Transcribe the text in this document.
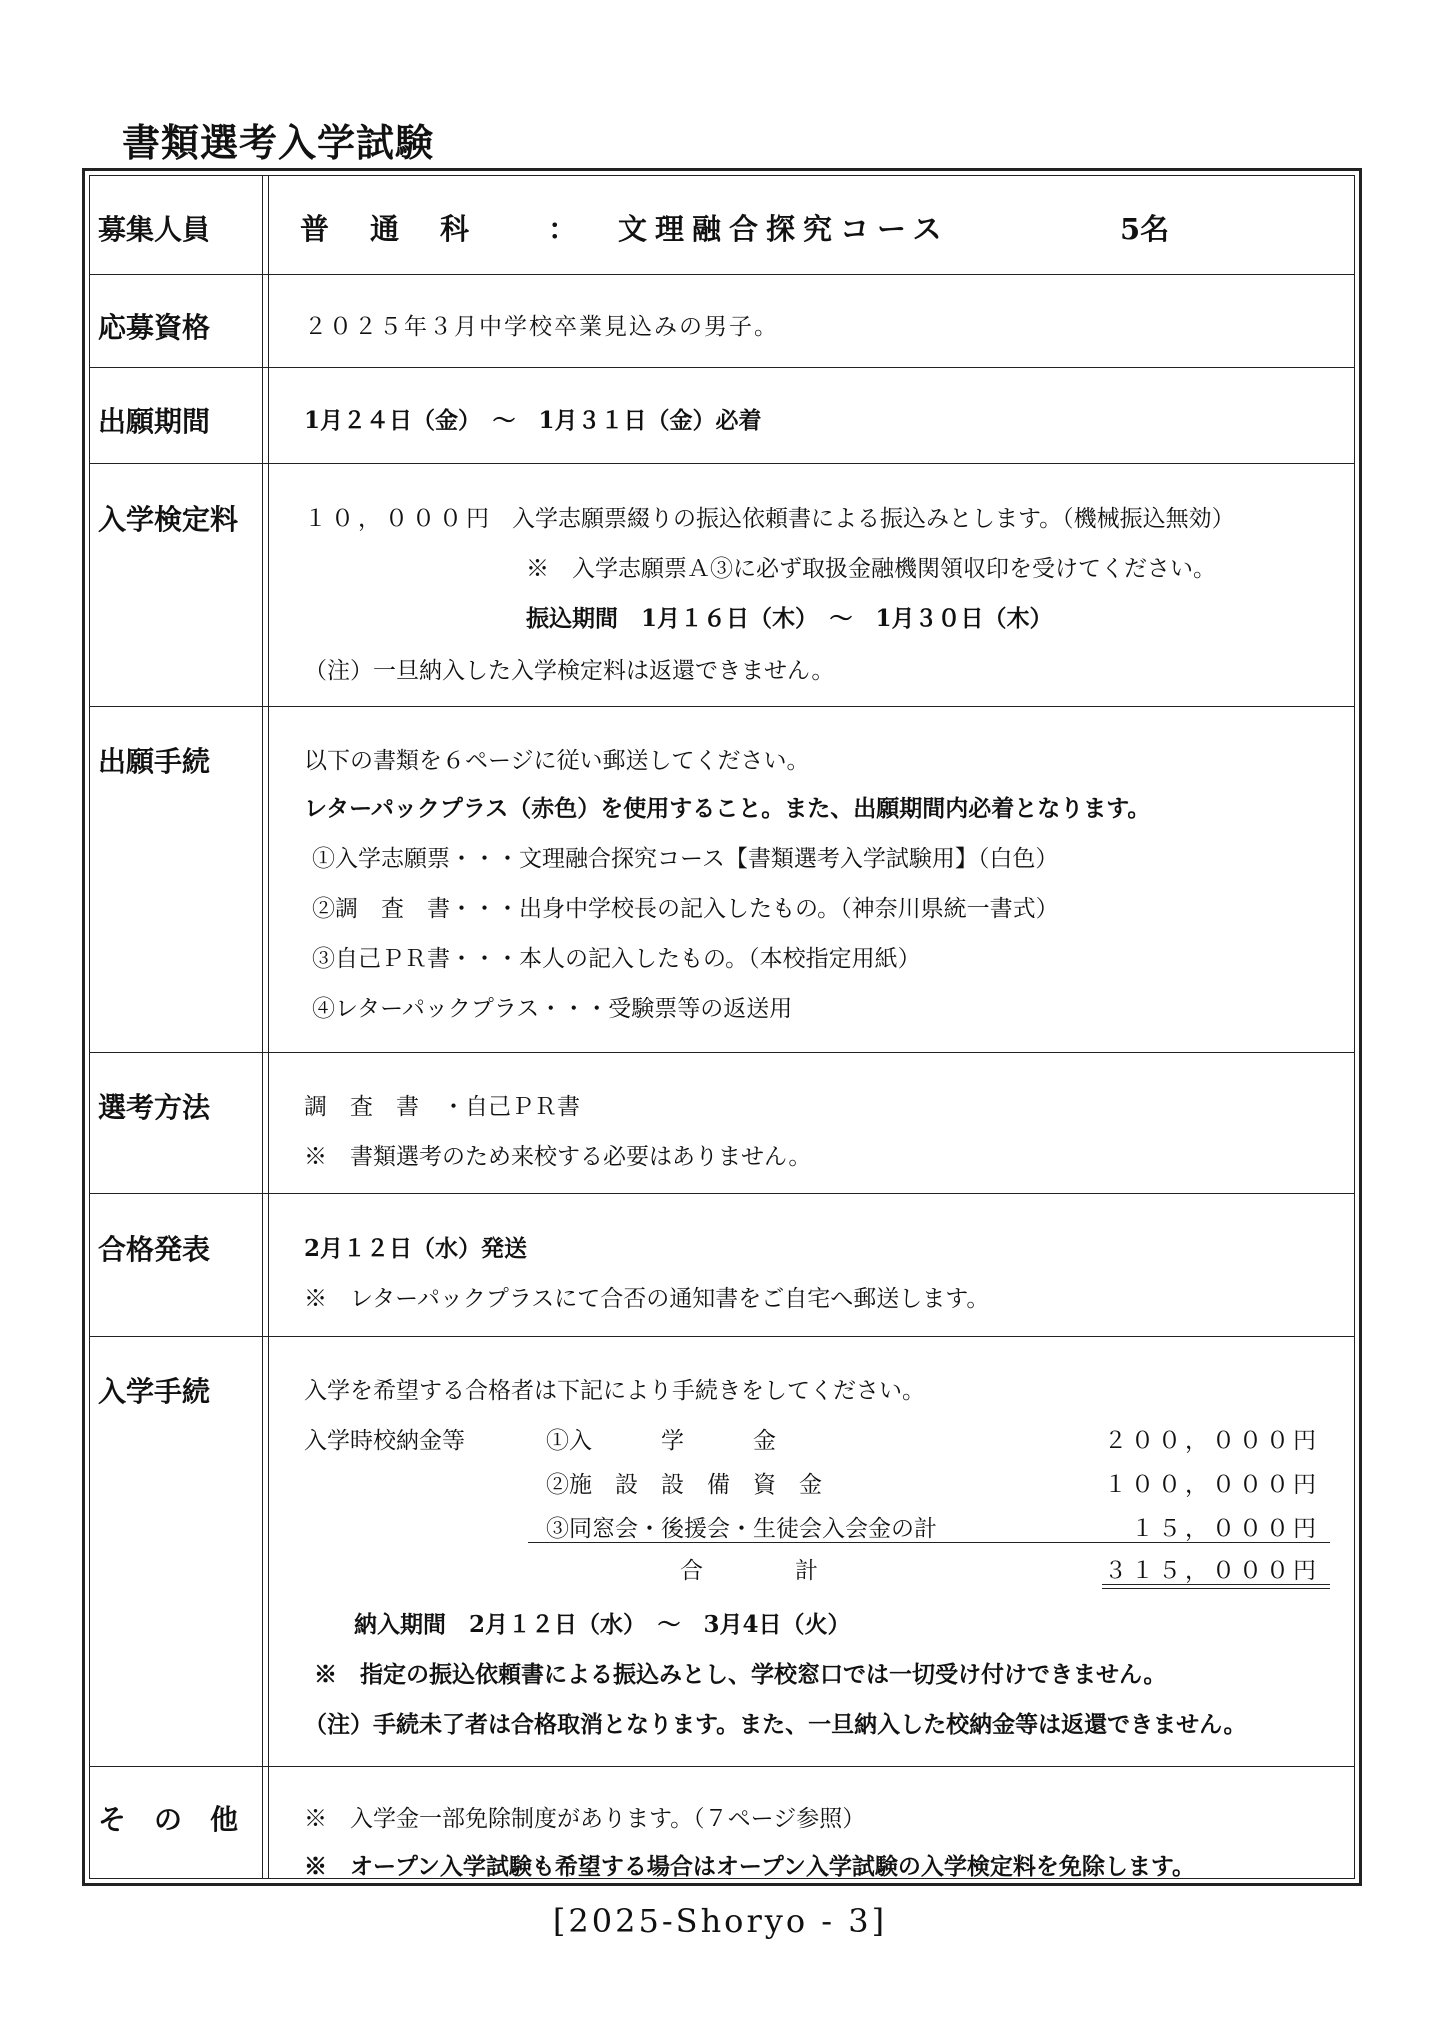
書類選考入学試験
募集人員	普　通　科	： 文理融合探究コース	5名
応募資格	２０２５年３月中学校卒業見込みの男子。
出願期間	1月２４日（金）　～　1月３１日（金）必着
入学検定料	１０，０００円 入学志願票綴りの振込依頼書による振込みとします。（機械振込無効）
※　入学志願票Ａ③に必ず取扱金融機関領収印を受けてください。
振込期間　1月１６日（木）　～　1月３０日（木）
（注）一旦納入した入学検定料は返還できません。
出願手続	以下の書類を６ページに従い郵送してください。
レターパックプラス（赤色）を使用すること。また、出願期間内必着となります。
①入学志願票・・・文理融合探究コース【書類選考入学試験用】（白色）
②調　査　書・・・出身中学校長の記入したもの。（神奈川県統一書式）
③自己ＰＲ書・・・本人の記入したもの。（本校指定用紙）
④レターパックプラス・・・受験票等の返送用
選考方法	調　査　書　・自己ＰＲ書
※　書類選考のため来校する必要はありません。
合格発表	2月１２日（水）発送
※　レターパックプラスにて合否の通知書をご自宅へ郵送します。
入学手続	入学を希望する合格者は下記により手続きをしてください。
入学時校納金等	①入　　　学　　　金	２００，０００円
②施　設　設　備　資　金	１００，０００円
③同窓会・後援会・生徒会入会金の計	１５，０００円
合　　　　計	３１５，０００円
納入期間　2月１２日（水）　～　3月4日（火）
※　指定の振込依頼書による振込みとし、学校窓口では一切受け付けできません。
（注）手続未了者は合格取消となります。また、一旦納入した校納金等は返還できません。
そ　の　他	※　入学金一部免除制度があります。（７ページ参照）
※　オープン入学試験も希望する場合はオープン入学試験の入学検定料を免除します。
[2025-Shoryo - 3]
